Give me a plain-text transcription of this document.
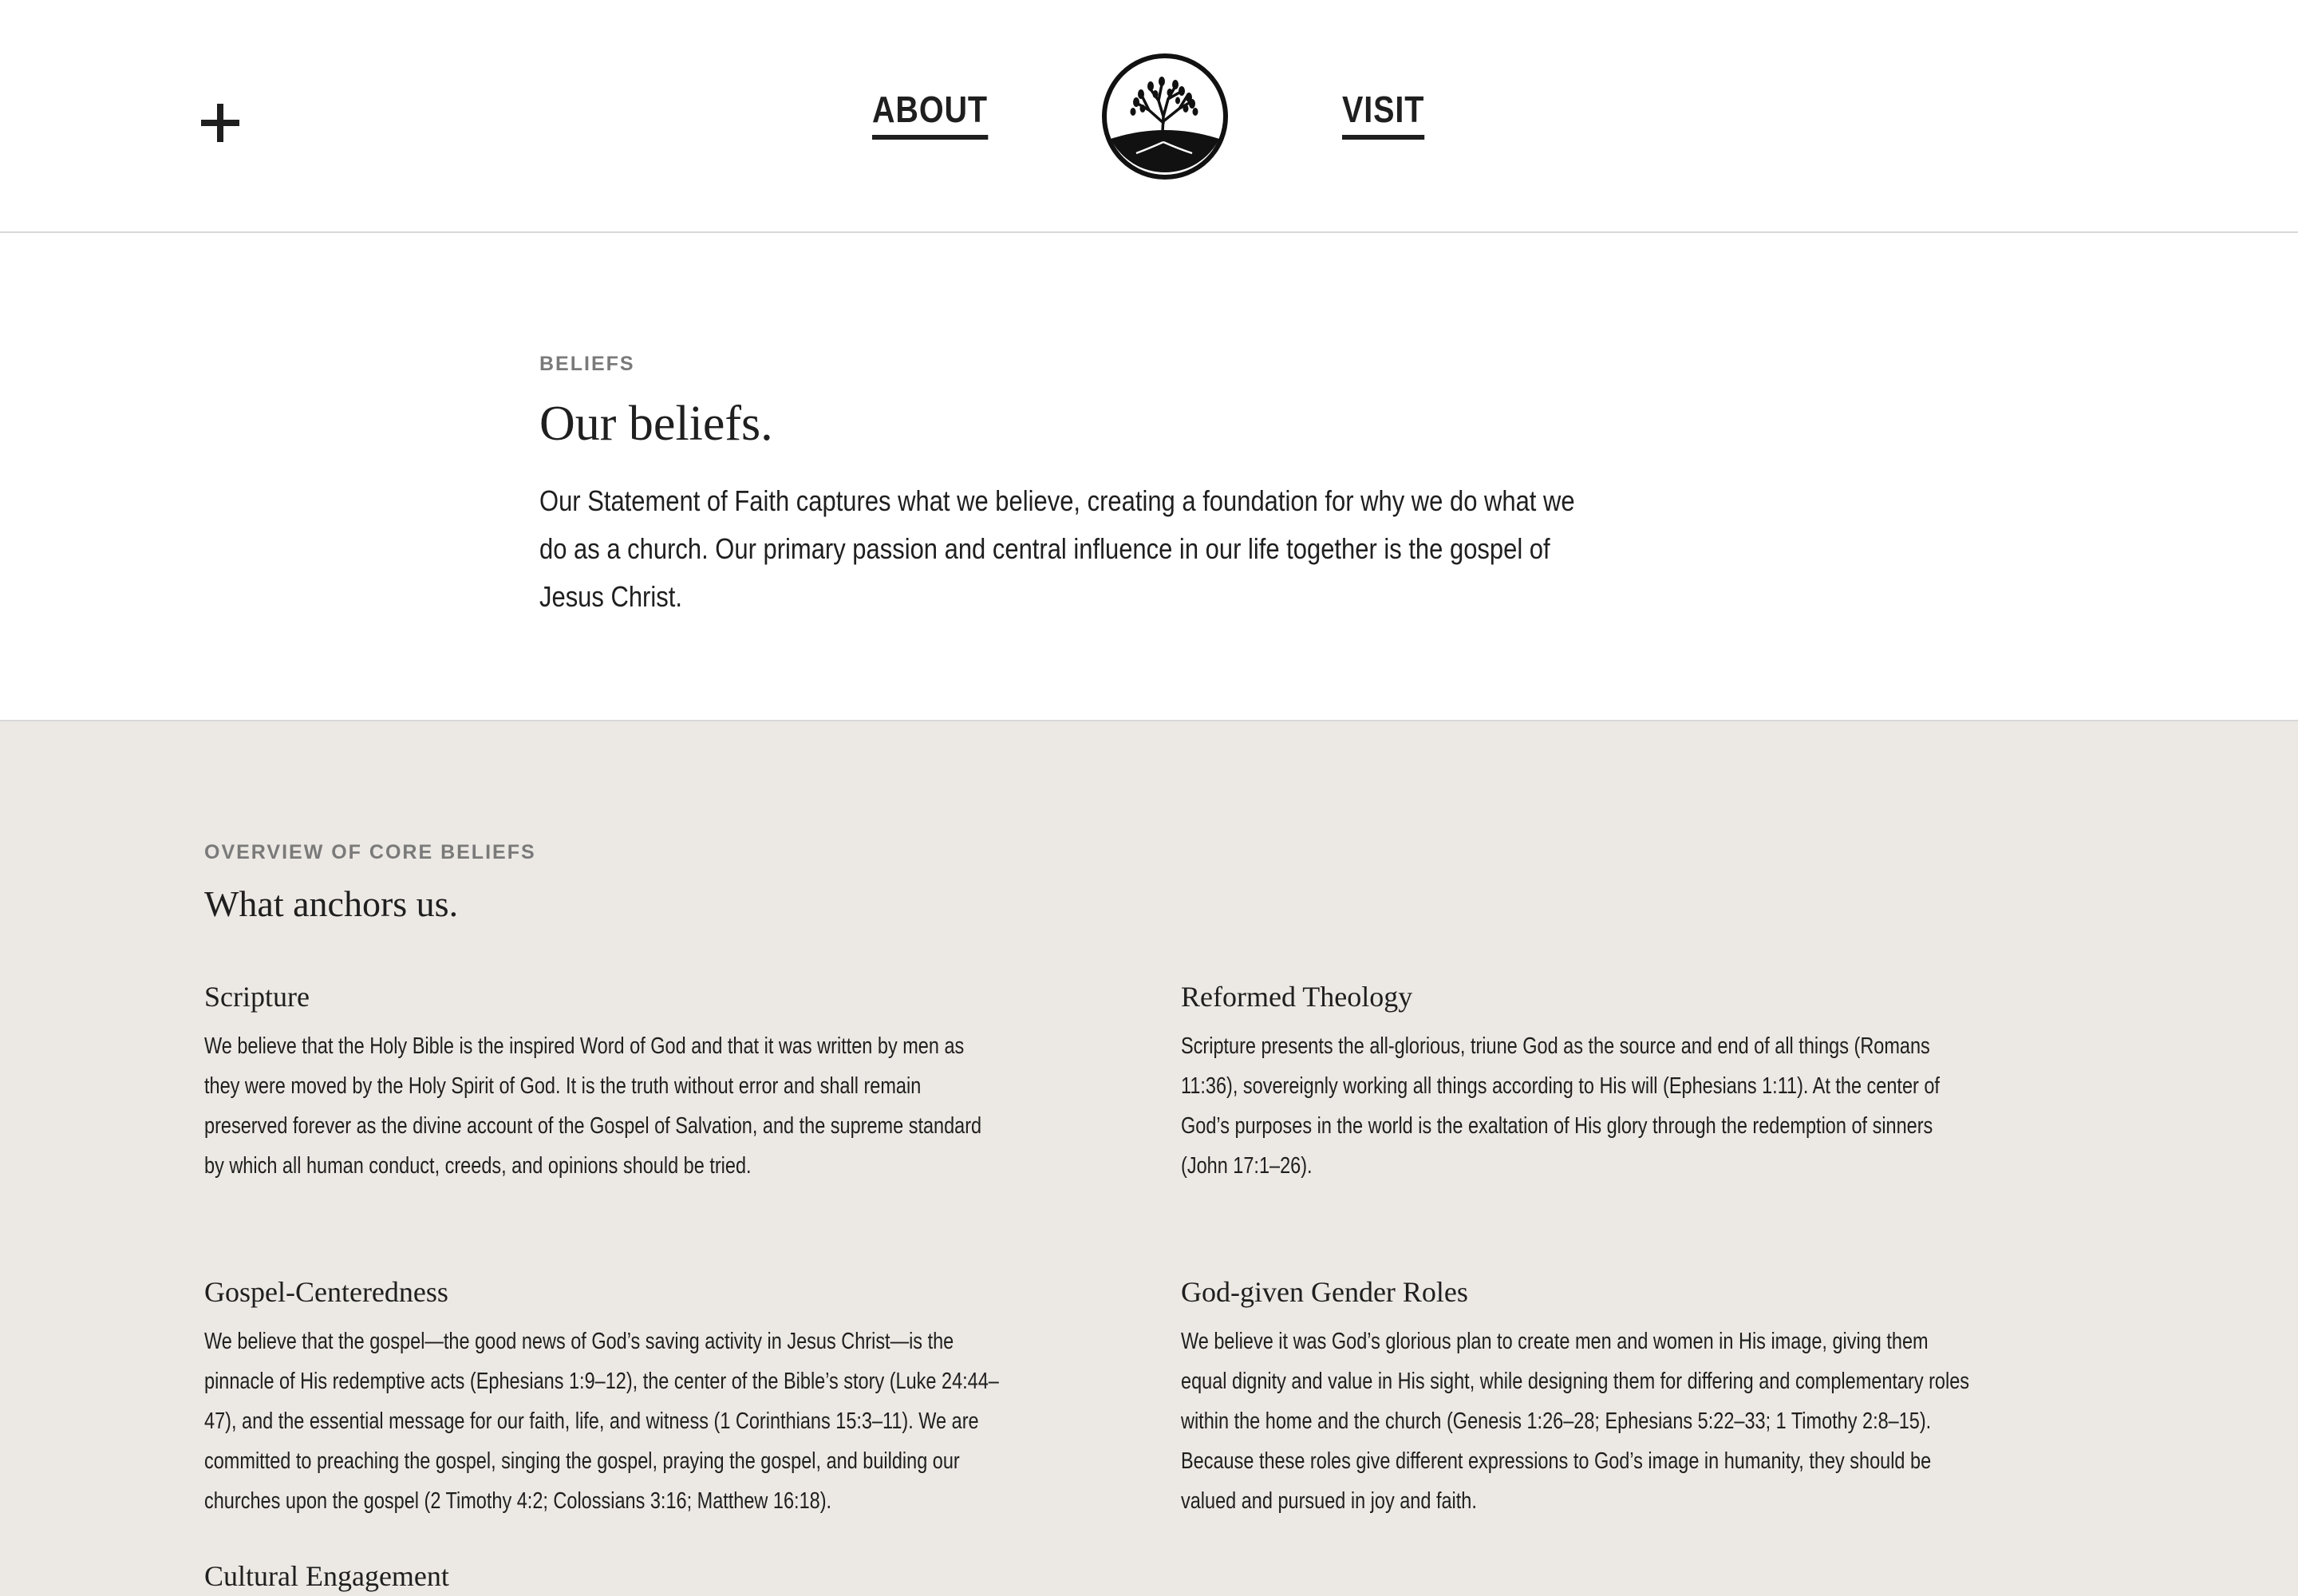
ABOUT	VISIT
BELIEFS
Our beliefs.

Our Statement of Faith captures what we believe, creating a foundation for why we do what we do as a church. Our primary passion and central influence in our life together is the gospel of Jesus Christ.

OVERVIEW OF CORE BELIEFS
What anchors us.
Scripture

We believe that the Holy Bible is the inspired Word of God and that it was written by men as they were moved by the Holy Spirit of God. It is the truth without error and shall remain preserved forever as the divine account of the Gospel of Salvation, and the supreme standard by which all human conduct, creeds, and opinions should be tried.

Reformed Theology

Scripture presents the all-glorious, triune God as the source and end of all things (Romans 11:36), sovereignly working all things according to His will (Ephesians 1:11). At the center of God’s purposes in the world is the exaltation of His glory through the redemption of sinners (John 17:1–26).

Gospel-Centeredness

We believe that the gospel—the good news of God’s saving activity in Jesus Christ—is the pinnacle of His redemptive acts (Ephesians 1:9–12), the center of the Bible’s story (Luke 24:44–47), and the essential message for our faith, life, and witness (1 Corinthians 15:3–11). We are committed to preaching the gospel, singing the gospel, praying the gospel, and building our churches upon the gospel (2 Timothy 4:2; Colossians 3:16; Matthew 16:18).

God-given Gender Roles

We believe it was God’s glorious plan to create men and women in His image, giving them equal dignity and value in His sight, while designing them for differing and complementary roles within the home and the church (Genesis 1:26–28; Ephesians 5:22–33; 1 Timothy 2:8–15). Because these roles give different expressions to God’s image in humanity, they should be valued and pursued in joy and faith.

Cultural Engagement
